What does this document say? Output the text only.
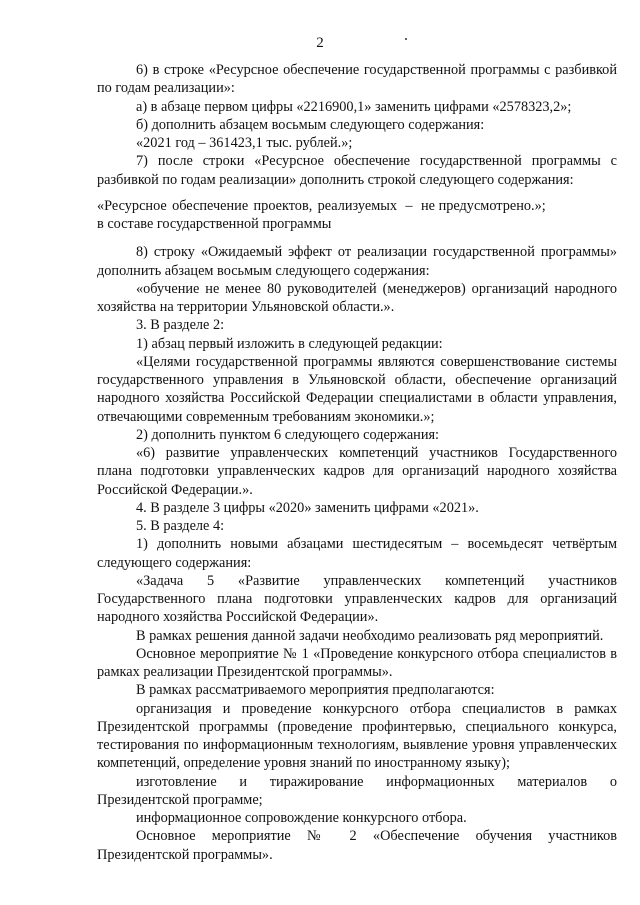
2

6) в строке «Ресурсное обеспечение государственной программы с разбивкой по годам реализации»:

а) в абзаце первом цифры «2216900,1» заменить цифрами «2578323,2»;

б) дополнить абзацем восьмым следующего содержания:

«2021 год – 361423,1 тыс. рублей.»;

7) после строки «Ресурсное обеспечение государственной программы с разбивкой по годам реализации» дополнить строкой следующего содержания:

«Ресурсное обеспечение проектов, реализуемых в составе государственной программы
– не предусмотрено.»;

8) строку «Ожидаемый эффект от реализации государственной программы» дополнить абзацем восьмым следующего содержания:

«обучение не менее 80 руководителей (менеджеров) организаций народного хозяйства на территории Ульяновской области.».

3. В разделе 2:

1) абзац первый изложить в следующей редакции:

«Целями государственной программы являются совершенствование системы государственного управления в Ульяновской области, обеспечение организаций народного хозяйства Российской Федерации специалистами в области управления, отвечающими современным требованиям экономики.»;

2) дополнить пунктом 6 следующего содержания:

«6) развитие управленческих компетенций участников Государственного плана подготовки управленческих кадров для организаций народного хозяйства Российской Федерации.».

4. В разделе 3 цифры «2020» заменить цифрами «2021».

5. В разделе 4:

1) дополнить новыми абзацами шестидесятым – восемьдесят четвёртым следующего содержания:

«Задача 5 «Развитие управленческих компетенций участников Государственного плана подготовки управленческих кадров для организаций народного хозяйства Российской Федерации».

В рамках решения данной задачи необходимо реализовать ряд мероприятий.

Основное мероприятие № 1 «Проведение конкурсного отбора специалистов в рамках реализации Президентской программы».

В рамках рассматриваемого мероприятия предполагаются:

организация и проведение конкурсного отбора специалистов в рамках Президентской программы (проведение профинтервью, специального конкурса, тестирования по информационным технологиям, выявление уровня управленческих компетенций, определение уровня знаний по иностранному языку);

изготовление и тиражирование информационных материалов о Президентской программе;

информационное сопровождение конкурсного отбора.

Основное мероприятие № 2 «Обеспечение обучения участников Президентской программы».
